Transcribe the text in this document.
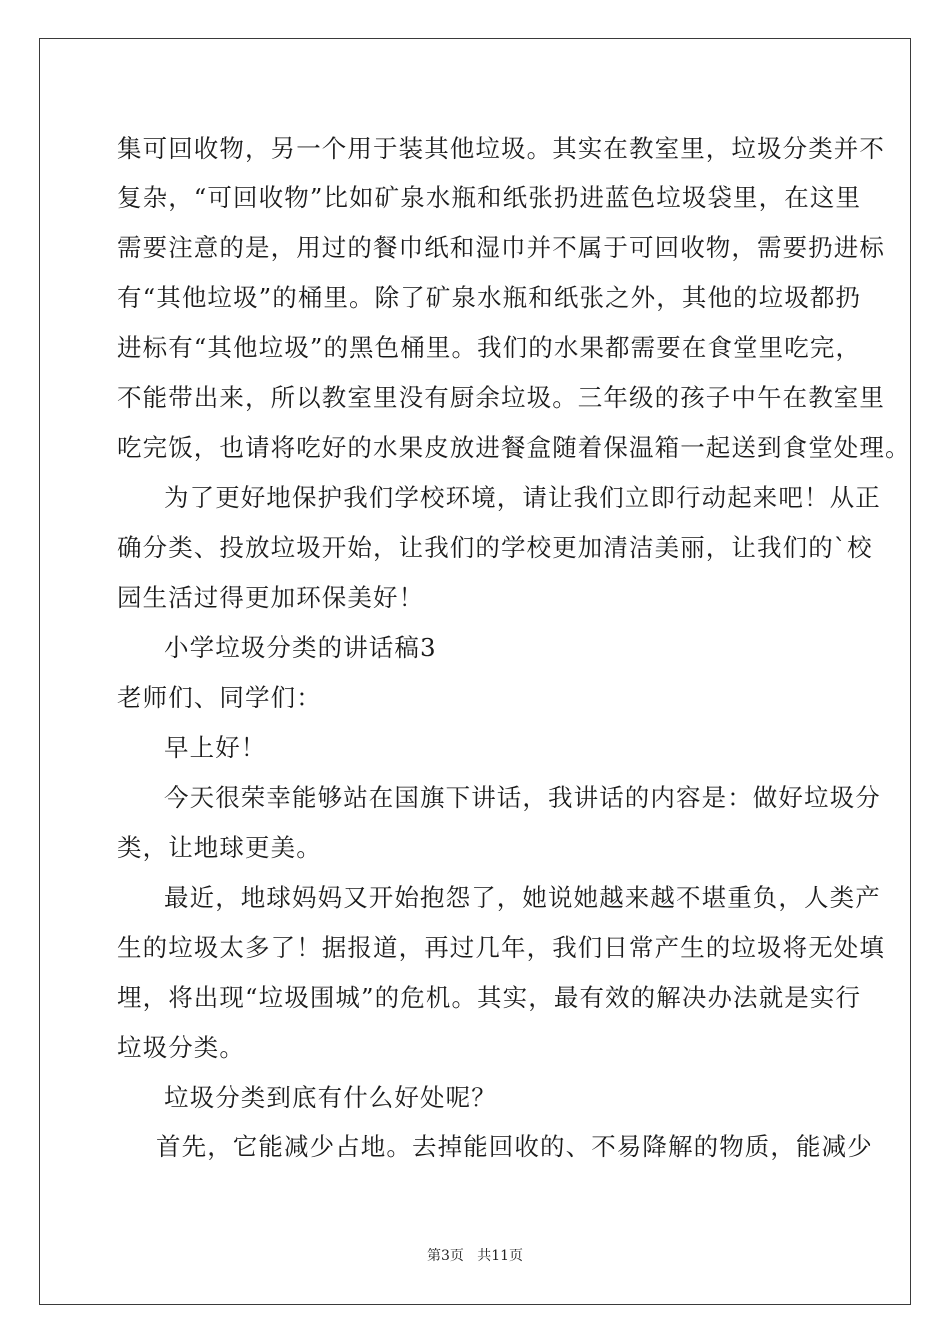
集可回收物，另一个用于装其他垃圾。其实在教室里，垃圾分类并不
复杂，“可回收物”比如矿泉水瓶和纸张扔进蓝色垃圾袋里，在这里
需要注意的是，用过的餐巾纸和湿巾并不属于可回收物，需要扔进标
有“其他垃圾”的桶里。除了矿泉水瓶和纸张之外，其他的垃圾都扔
进标有“其他垃圾”的黑色桶里。我们的水果都需要在食堂里吃完，
不能带出来，所以教室里没有厨余垃圾。三年级的孩子中午在教室里
吃完饭，也请将吃好的水果皮放进餐盒随着保温箱一起送到食堂处理。
为了更好地保护我们学校环境，请让我们立即行动起来吧！从正
确分类、投放垃圾开始，让我们的学校更加清洁美丽，让我们的`校
园生活过得更加环保美好！
小学垃圾分类的讲话稿3
老师们、同学们：
早上好！
今天很荣幸能够站在国旗下讲话，我讲话的内容是：做好垃圾分
类，让地球更美。
最近，地球妈妈又开始抱怨了，她说她越来越不堪重负，人类产
生的垃圾太多了！据报道，再过几年，我们日常产生的垃圾将无处填
埋，将出现“垃圾围城”的危机。其实，最有效的解决办法就是实行
垃圾分类。
垃圾分类到底有什么好处呢？
首先，它能减少占地。去掉能回收的、不易降解的物质，能减少
第3页   共11页
